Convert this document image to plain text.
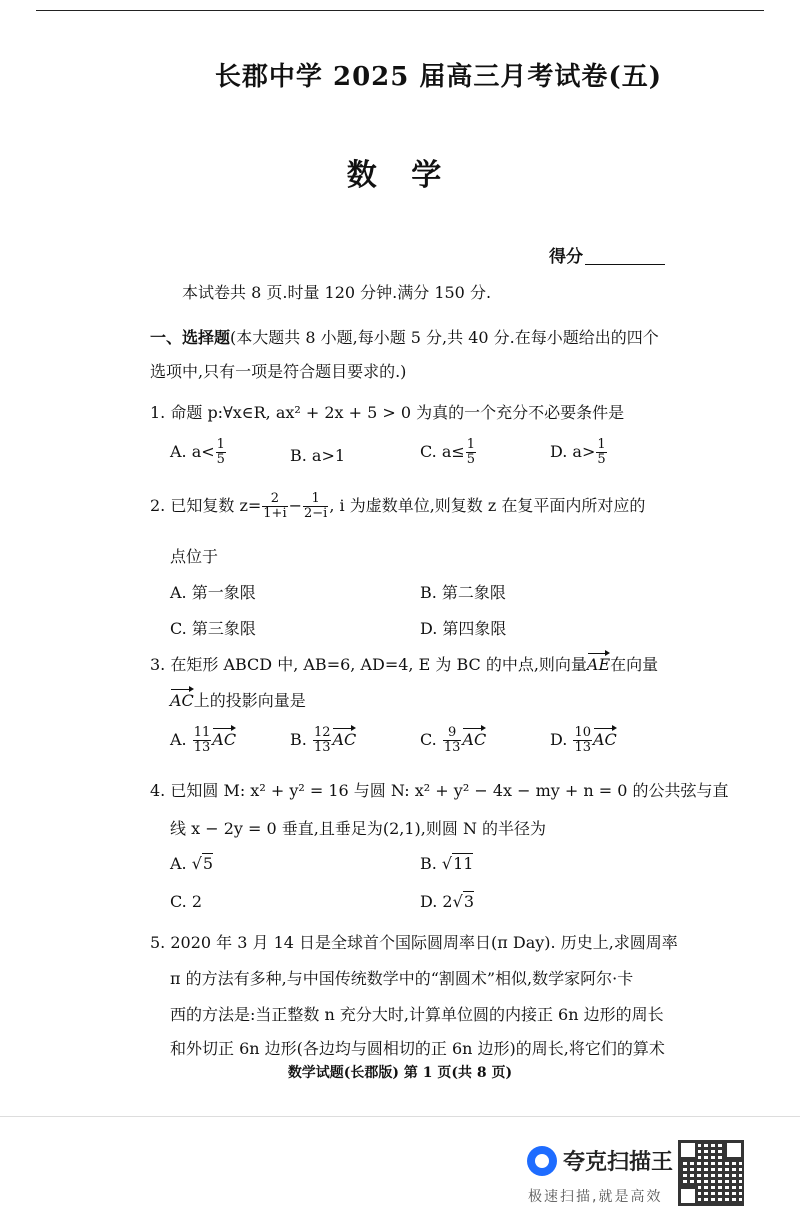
长郡中学 2025 届高三月考试卷(五)
数 学
得分
本试卷共 8 页.时量 120 分钟.满分 150 分.
一、选择题(本大题共 8 小题,每小题 5 分,共 40 分.在每小题给出的四个选项中,只有一项是符合题目要求的.)
1. 命题 p:∀x∈R, ax² + 2x + 5 > 0 为真的一个充分不必要条件是
A. $a< \frac{1}{5}$	B. a>1	C. $a\le \frac{1}{5}$	D. $a> \frac{1}{5}$
2. 已知复数 $z= \frac{2}{1+i} - \frac{1}{2-i}$ , i 为虚数单位,则复数 z 在复平面内所对应的
点位于
A. 第一象限	B. 第二象限
C. 第三象限	D. 第四象限
3. 在矩形 ABCD 中, AB=6, AD=4, E 为 BC 的中点,则向量AE在向量
AC上的投影向量是
A. $\frac{11}{13}$ AC	B. $\frac{12}{13}$ AC	C. $\frac{9}{13}$ AC	D. $\frac{10}{13}$ AC
4. 已知圆 M: x² + y² = 16 与圆 N: x² + y² − 4x − my + n = 0 的公共弦与直
线 x − 2y = 0 垂直,且垂足为(2,1),则圆 N 的半径为
A. √5	B. √11
C. 2	D. 2√3
5. 2020 年 3 月 14 日是全球首个国际圆周率日(π Day). 历史上,求圆周率
π 的方法有多种,与中国传统数学中的“割圆术”相似,数学家阿尔·卡
西的方法是:当正整数 n 充分大时,计算单位圆的内接正 6n 边形的周长
和外切正 6n 边形(各边均与圆相切的正 6n 边形)的周长,将它们的算术
数学试题(长郡版) 第 1 页(共 8 页)
夸克扫描王
极速扫描,就是高效
